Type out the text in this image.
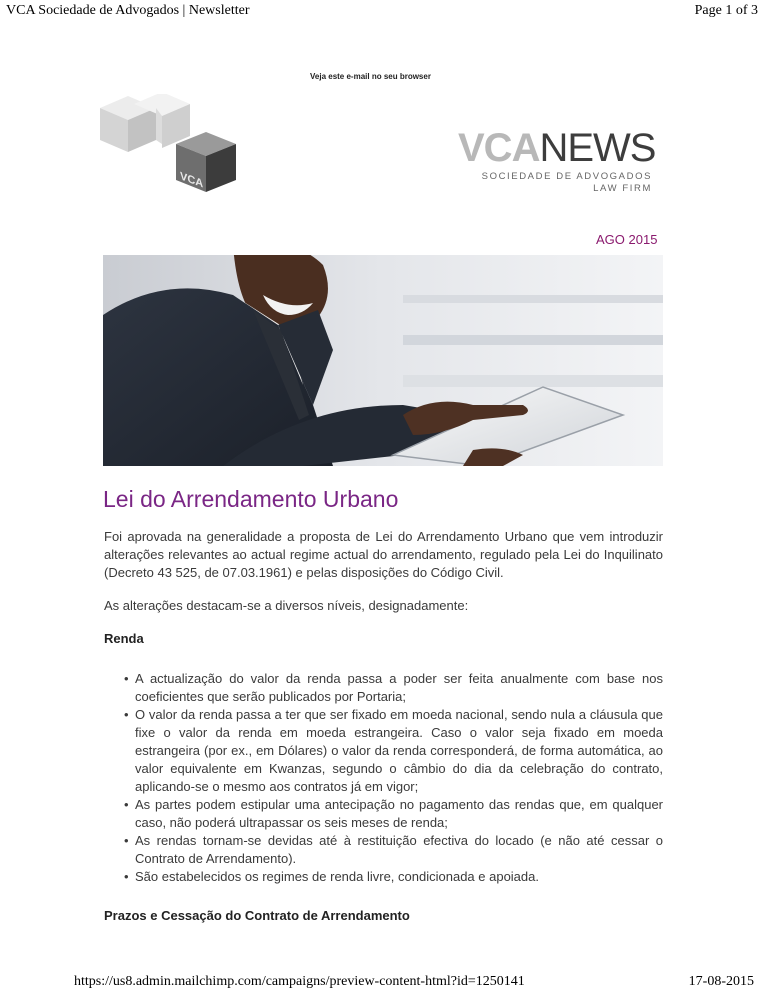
VCA Sociedade de Advogados | Newsletter	Page 1 of 3
Veja este e-mail no seu browser
VCA
VCANEWS
SOCIEDADE DE ADVOGADOS
LAW FIRM
AGO 2015
Lei do Arrendamento Urbano

Foi aprovada na generalidade a proposta de Lei do Arrendamento Urbano que vem introduzir alterações relevantes ao actual regime actual do arrendamento, regulado pela Lei do Inquilinato (Decreto 43 525, de 07.03.1961) e pelas disposições do Código Civil.

As alterações destacam-se a diversos níveis, designadamente:

Renda

• A actualização do valor da renda passa a poder ser feita anualmente com base nos coeficientes que serão publicados por Portaria;
• O valor da renda passa a ter que ser fixado em moeda nacional, sendo nula a cláusula que fixe o valor da renda em moeda estrangeira. Caso o valor seja fixado em moeda estrangeira (por ex., em Dólares) o valor da renda corresponderá, de forma automática, ao valor equivalente em Kwanzas, segundo o câmbio do dia da celebração do contrato, aplicando-se o mesmo aos contratos já em vigor;
• As partes podem estipular uma antecipação no pagamento das rendas que, em qualquer caso, não poderá ultrapassar os seis meses de renda;
• As rendas tornam-se devidas até à restituição efectiva do locado (e não até cessar o Contrato de Arrendamento).
• São estabelecidos os regimes de renda livre, condicionada e apoiada.
Prazos e Cessação do Contrato de Arrendamento
https://us8.admin.mailchimp.com/campaigns/preview-content-html?id=1250141	17-08-2015
